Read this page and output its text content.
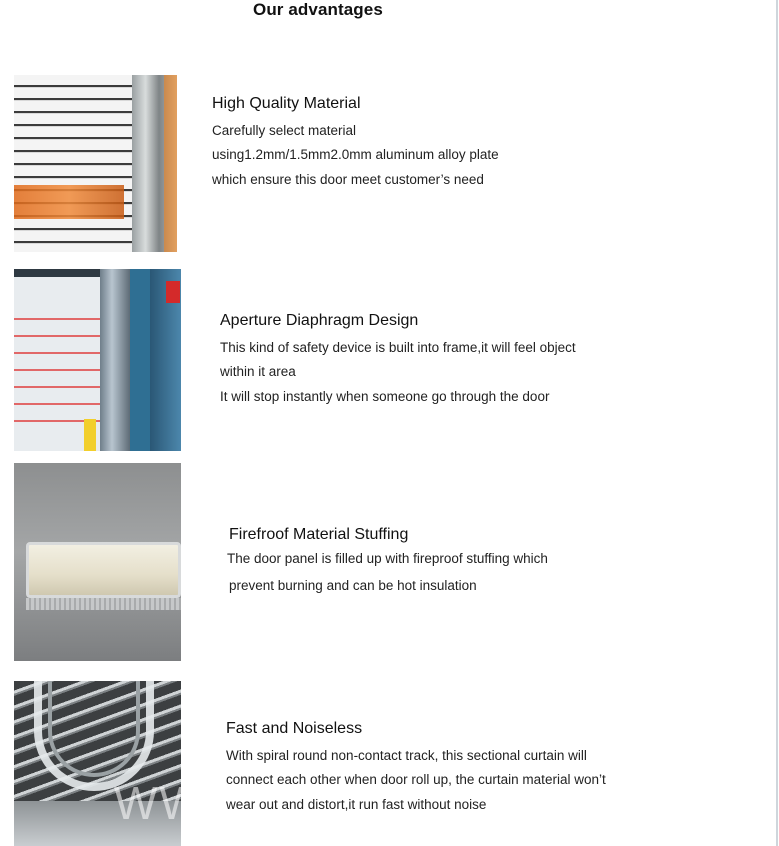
Our advantages
High Quality Material
Carefully select material
using1.2mm/1.5mm2.0mm aluminum alloy plate
which ensure this door meet customer’s need
Aperture Diaphragm Design
This kind of safety device is built into frame,it will feel object
within it area
It will stop instantly when someone go through the door
Firefroof Material Stuffing
The door panel is filled up with fireproof stuffing which
prevent burning and can be hot insulation
Fast and Noiseless
With spiral round non-contact track, this sectional curtain will
connect each other when door roll up, the curtain material won’t
wear out and distort,it run fast without noise
WW
